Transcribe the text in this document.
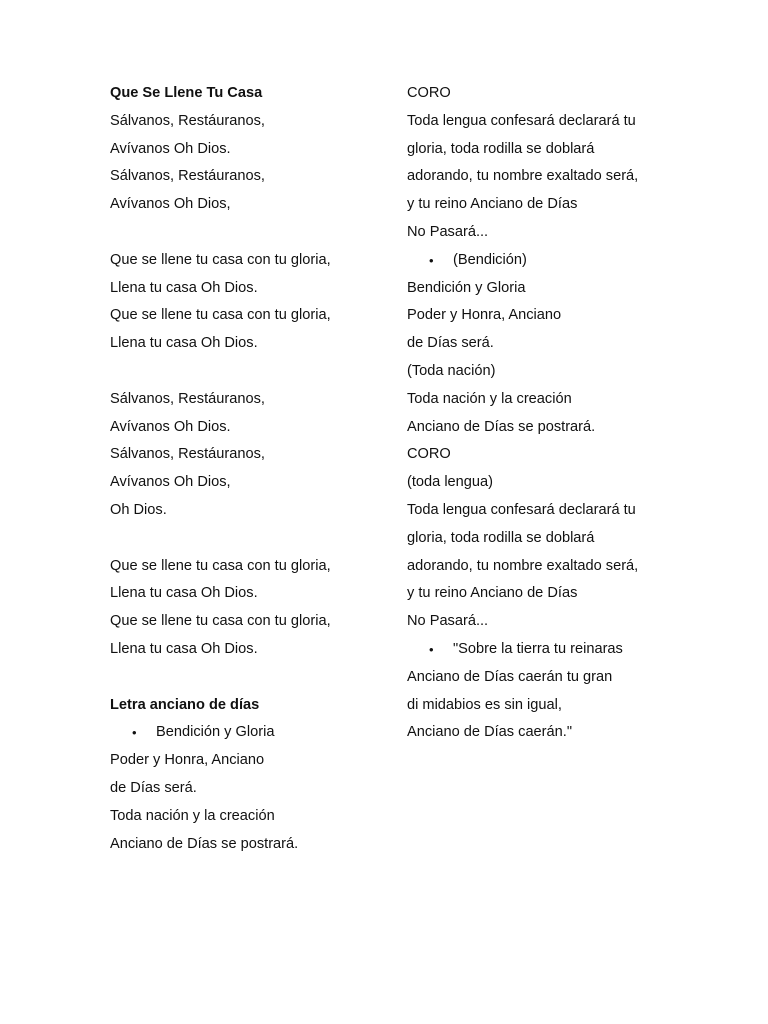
Que Se Llene Tu Casa
Sálvanos, Restáuranos,
Avívanos Oh Dios.
Sálvanos, Restáuranos,
Avívanos Oh Dios,
Que se llene tu casa con tu gloria,
Llena tu casa Oh Dios.
Que se llene tu casa con tu gloria,
Llena tu casa Oh Dios.
Sálvanos, Restáuranos,
Avívanos Oh Dios.
Sálvanos, Restáuranos,
Avívanos Oh Dios,
Oh Dios.
Que se llene tu casa con tu gloria,
Llena tu casa Oh Dios.
Que se llene tu casa con tu gloria,
Llena tu casa Oh Dios.
Letra anciano de días
• Bendición y Gloria
Poder y Honra, Anciano
de Días será.
Toda nación y la creación
Anciano de Días se postrará.
CORO
Toda lengua confesará declarará tu
gloria, toda rodilla se doblará
adorando, tu nombre exaltado será,
y tu reino Anciano de Días
No Pasará...
• (Bendición)
Bendición y Gloria
Poder y Honra, Anciano
de Días será.
(Toda nación)
Toda nación y la creación
Anciano de Días se postrará.
CORO
(toda lengua)
Toda lengua confesará declarará tu
gloria, toda rodilla se doblará
adorando, tu nombre exaltado será,
y tu reino Anciano de Días
No Pasará...
• "Sobre la tierra tu reinaras
Anciano de Días caerán tu gran
di midabios es sin igual,
Anciano de Días caerán."
